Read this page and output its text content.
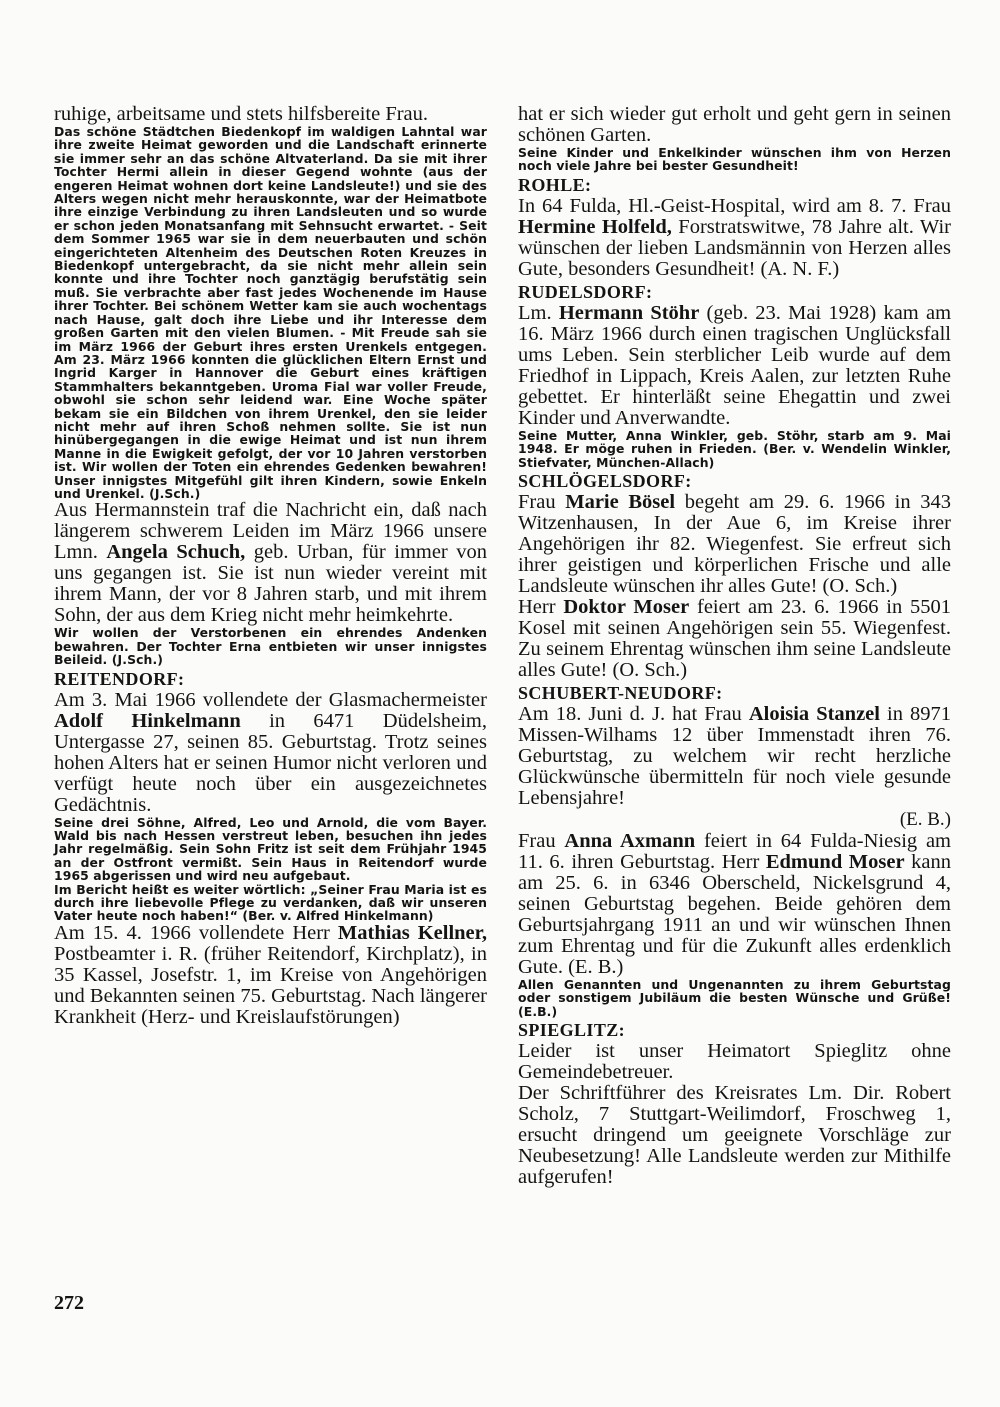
ruhige, arbeitsame und stets hilfsbereite Frau.

Das schöne Städtchen Biedenkopf im waldigen Lahntal war ihre zweite Heimat geworden und die Landschaft erinnerte sie immer sehr an das schöne Altvaterland. Da sie mit ihrer Tochter Hermi allein in dieser Gegend wohnte (aus der engeren Heimat wohnen dort keine Landsleute!) und sie des Alters wegen nicht mehr herauskonnte, war der Heimatbote ihre einzige Verbindung zu ihren Landsleuten und so wurde er schon jeden Monatsanfang mit Sehnsucht erwartet. - Seit dem Sommer 1965 war sie in dem neuerbauten und schön eingerichteten Altenheim des Deutschen Roten Kreuzes in Biedenkopf untergebracht, da sie nicht mehr allein sein konnte und ihre Tochter noch ganztägig berufstätig sein muß. Sie verbrachte aber fast jedes Wochenende im Hause ihrer Tochter. Bei schönem Wetter kam sie auch wochentags nach Hause, galt doch ihre Liebe und ihr Interesse dem großen Garten mit den vielen Blumen. - Mit Freude sah sie im März 1966 der Geburt ihres ersten Urenkels entgegen. Am 23. März 1966 konnten die glücklichen Eltern Ernst und Ingrid Karger in Hannover die Geburt eines kräftigen Stammhalters bekanntgeben. Uroma Fial war voller Freude, obwohl sie schon sehr leidend war. Eine Woche später bekam sie ein Bildchen von ihrem Urenkel, den sie leider nicht mehr auf ihren Schoß nehmen sollte. Sie ist nun hinübergegangen in die ewige Heimat und ist nun ihrem Manne in die Ewigkeit gefolgt, der vor 10 Jahren verstorben ist. Wir wollen der Toten ein ehrendes Gedenken bewahren! Unser innigstes Mitgefühl gilt ihren Kindern, sowie Enkeln und Urenkel. (J.Sch.)

Aus Hermannstein traf die Nachricht ein, daß nach längerem schwerem Leiden im März 1966 unsere Lmn. Angela Schuch, geb. Urban, für immer von uns gegangen ist. Sie ist nun wieder vereint mit ihrem Mann, der vor 8 Jahren starb, und mit ihrem Sohn, der aus dem Krieg nicht mehr heimkehrte.

Wir wollen der Verstorbenen ein ehrendes Andenken bewahren. Der Tochter Erna entbieten wir unser innigstes Beileid. (J.Sch.)

REITENDORF:

Am 3. Mai 1966 vollendete der Glasmachermeister Adolf Hinkelmann in 6471 Düdelsheim, Untergasse 27, seinen 85. Geburtstag. Trotz seines hohen Alters hat er seinen Humor nicht verloren und verfügt heute noch über ein ausgezeichnetes Gedächtnis.

Seine drei Söhne, Alfred, Leo und Arnold, die vom Bayer. Wald bis nach Hessen verstreut leben, besuchen ihn jedes Jahr regelmäßig. Sein Sohn Fritz ist seit dem Frühjahr 1945 an der Ostfront vermißt. Sein Haus in Reitendorf wurde 1965 abgerissen und wird neu aufgebaut.

Im Bericht heißt es weiter wörtlich: „Seiner Frau Maria ist es durch ihre liebevolle Pflege zu verdanken, daß wir unseren Vater heute noch haben!“ (Ber. v. Alfred Hinkelmann)

Am 15. 4. 1966 vollendete Herr Mathias Kellner, Postbeamter i. R. (früher Reitendorf, Kirchplatz), in 35 Kassel, Josefstr. 1, im Kreise von Angehörigen und Bekannten seinen 75. Geburtstag. Nach längerer Krankheit (Herz- und Kreislaufstörungen)

hat er sich wieder gut erholt und geht gern in seinen schönen Garten.

Seine Kinder und Enkelkinder wünschen ihm von Herzen noch viele Jahre bei bester Gesundheit!

ROHLE:

In 64 Fulda, Hl.-Geist-Hospital, wird am 8. 7. Frau Hermine Holfeld, Forstratswitwe, 78 Jahre alt. Wir wünschen der lieben Landsmännin von Herzen alles Gute, besonders Gesundheit! (A. N. F.)

RUDELSDORF:

Lm. Hermann Stöhr (geb. 23. Mai 1928) kam am 16. März 1966 durch einen tragischen Unglücksfall ums Leben. Sein sterblicher Leib wurde auf dem Friedhof in Lippach, Kreis Aalen, zur letzten Ruhe gebettet. Er hinterläßt seine Ehegattin und zwei Kinder und Anverwandte.

Seine Mutter, Anna Winkler, geb. Stöhr, starb am 9. Mai 1948. Er möge ruhen in Frieden. (Ber. v. Wendelin Winkler, Stiefvater, München-Allach)

SCHLÖGELSDORF:

Frau Marie Bösel begeht am 29. 6. 1966 in 343 Witzenhausen, In der Aue 6, im Kreise ihrer Angehörigen ihr 82. Wiegenfest. Sie erfreut sich ihrer geistigen und körperlichen Frische und alle Landsleute wünschen ihr alles Gute! (O. Sch.)

Herr Doktor Moser feiert am 23. 6. 1966 in 5501 Kosel mit seinen Angehörigen sein 55. Wiegenfest. Zu seinem Ehrentag wünschen ihm seine Landsleute alles Gute! (O. Sch.)

SCHUBERT-NEUDORF:

Am 18. Juni d. J. hat Frau Aloisia Stanzel in 8971 Missen-Wilhams 12 über Immenstadt ihren 76. Geburtstag, zu welchem wir recht herzliche Glückwünsche übermitteln für noch viele gesunde Lebensjahre!

(E. B.)

Frau Anna Axmann feiert in 64 Fulda-Niesig am 11. 6. ihren Geburtstag. Herr Edmund Moser kann am 25. 6. in 6346 Oberscheld, Nickelsgrund 4, seinen Geburtstag begehen. Beide gehören dem Geburtsjahrgang 1911 an und wir wünschen Ihnen zum Ehrentag und für die Zukunft alles erdenklich Gute. (E. B.)

Allen Genannten und Ungenannten zu ihrem Geburtstag oder sonstigem Jubiläum die besten Wünsche und Grüße! (E.B.)

SPIEGLITZ:

Leider ist unser Heimatort Spieglitz ohne Gemeindebetreuer.

Der Schriftführer des Kreisrates Lm. Dir. Robert Scholz, 7 Stuttgart-Weilimdorf, Froschweg 1, ersucht dringend um geeignete Vorschläge zur Neubesetzung! Alle Landsleute werden zur Mithilfe aufgerufen!

272
